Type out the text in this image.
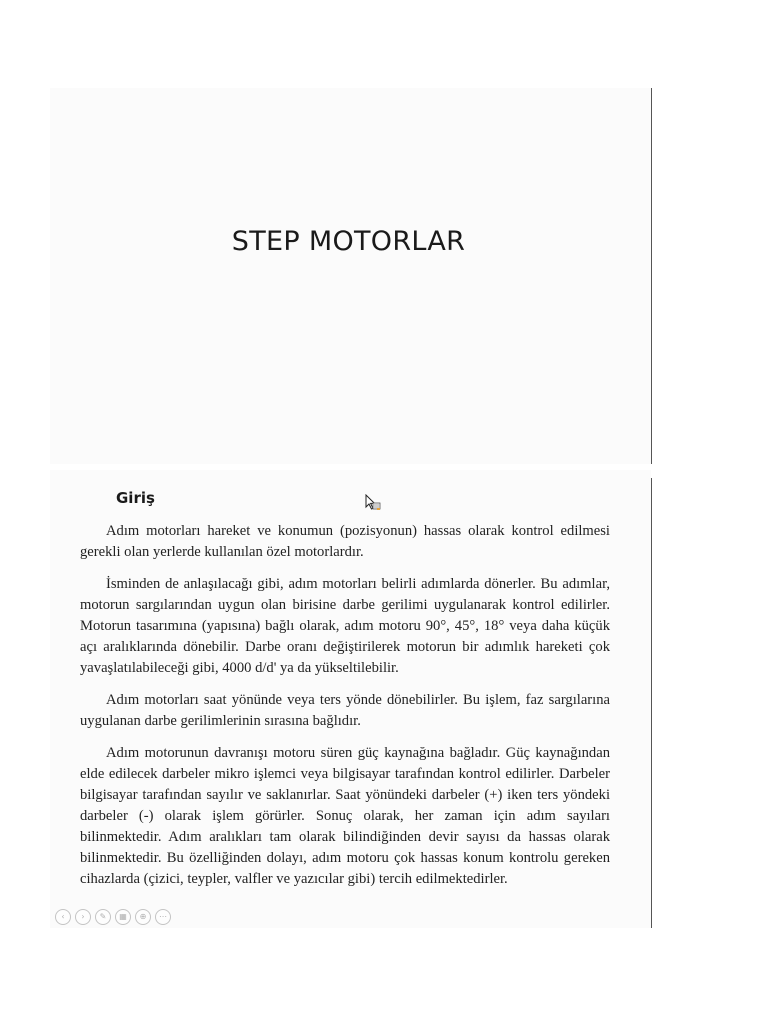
STEP MOTORLAR
Giriş

Adım motorları hareket ve konumun (pozisyonun) hassas olarak kontrol edilmesi gerekli olan yerlerde kullanılan özel motorlardır.

İsminden de anlaşılacağı gibi, adım motorları belirli adımlarda dönerler. Bu adımlar, motorun sargılarından uygun olan birisine darbe gerilimi uygulanarak kontrol edilirler. Motorun tasarımına (yapısına) bağlı olarak, adım motoru 90°, 45°, 18° veya daha küçük açı aralıklarında dönebilir. Darbe oranı değiştirilerek motorun bir adımlık hareketi çok yavaşlatılabileceği gibi, 4000 d/d' ya da yükseltilebilir.

Adım motorları saat yönünde veya ters yönde dönebilirler. Bu işlem, faz sargılarına uygulanan darbe gerilimlerinin sırasına bağlıdır.

Adım motorunun davranışı motoru süren güç kaynağına bağladır. Güç kaynağından elde edilecek darbeler mikro işlemci veya bilgisayar tarafından kontrol edilirler. Darbeler bilgisayar tarafından sayılır ve saklanırlar. Saat yönündeki darbeler (+) iken ters yöndeki darbeler (-) olarak işlem görürler. Sonuç olarak, her zaman için adım sayıları bilinmektedir. Adım aralıkları tam olarak bilindiğinden devir sayısı da hassas olarak bilinmektedir. Bu özelliğinden dolayı, adım motoru çok hassas konum kontrolu gereken cihazlarda (çizici, teypler, valfler ve yazıcılar gibi) tercih edilmektedirler.

‹	›	✎	▦	⊕	⋯
